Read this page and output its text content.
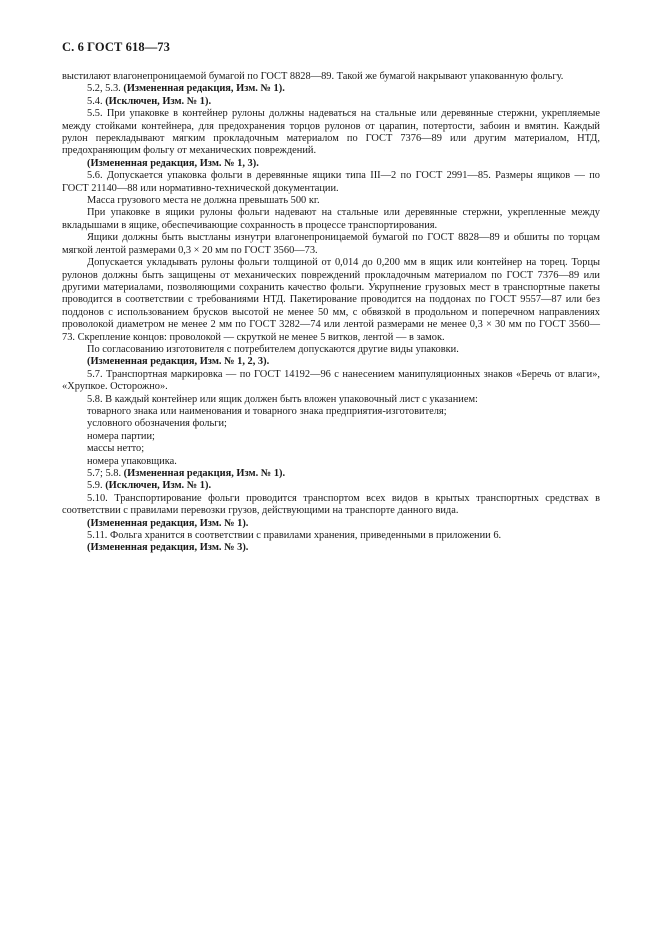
С. 6 ГОСТ 618—73

выстилают влагонепроницаемой бумагой по ГОСТ 8828—89. Такой же бумагой накрывают упакованную фольгу.

5.2, 5.3. (Измененная редакция, Изм. № 1).

5.4. (Исключен, Изм. № 1).

5.5. При упаковке в контейнер рулоны должны надеваться на стальные или деревянные стержни, укрепляемые между стойками контейнера, для предохранения торцов рулонов от царапин, потертости, забоин и вмятин. Каждый рулон перекладывают мягким прокладочным материалом по ГОСТ 7376—89 или другим материалом, НТД, предохраняющим фольгу от механических повреждений.

(Измененная редакция, Изм. № 1, 3).

5.6. Допускается упаковка фольги в деревянные ящики типа III—2 по ГОСТ 2991—85. Размеры ящиков — по ГОСТ 21140—88 или нормативно-технической документации.

Масса грузового места не должна превышать 500 кг.

При упаковке в ящики рулоны фольги надевают на стальные или деревянные стержни, укрепленные между вкладышами в ящике, обеспечивающие сохранность в процессе транспортирования.

Ящики должны быть выстланы изнутри влагонепроницаемой бумагой по ГОСТ 8828—89 и обшиты по торцам мягкой лентой размерами 0,3 × 20 мм по ГОСТ 3560—73.

Допускается укладывать рулоны фольги толщиной от 0,014 до 0,200 мм в ящик или контейнер на торец. Торцы рулонов должны быть защищены от механических повреждений прокладочным материалом по ГОСТ 7376—89 или другими материалами, позволяющими сохранить качество фольги. Укрупнение грузовых мест в транспортные пакеты проводится в соответствии с требованиями НТД. Пакетирование проводится на поддонах по ГОСТ 9557—87 или без поддонов с использованием брусков высотой не менее 50 мм, с обвязкой в продольном и поперечном направлениях проволокой диаметром не менее 2 мм по ГОСТ 3282—74 или лентой размерами не менее 0,3 × 30 мм по ГОСТ 3560—73. Скрепление концов: проволокой — скруткой не менее 5 витков, лентой — в замок.

По согласованию изготовителя с потребителем допускаются другие виды упаковки.

(Измененная редакция, Изм. № 1, 2, 3).

5.7. Транспортная маркировка — по ГОСТ 14192—96 с нанесением манипуляционных знаков «Беречь от влаги», «Хрупкое. Осторожно».

5.8. В каждый контейнер или ящик должен быть вложен упаковочный лист с указанием:

товарного знака или наименования и товарного знака предприятия-изготовителя;
условного обозначения фольги;
номера партии;
массы нетто;
номера упаковщика.

5.7; 5.8. (Измененная редакция, Изм. № 1).

5.9. (Исключен, Изм. № 1).

5.10. Транспортирование фольги проводится транспортом всех видов в крытых транспортных средствах в соответствии с правилами перевозки грузов, действующими на транспорте данного вида.

(Измененная редакция, Изм. № 1).

5.11. Фольга хранится в соответствии с правилами хранения, приведенными в приложении 6.

(Измененная редакция, Изм. № 3).
